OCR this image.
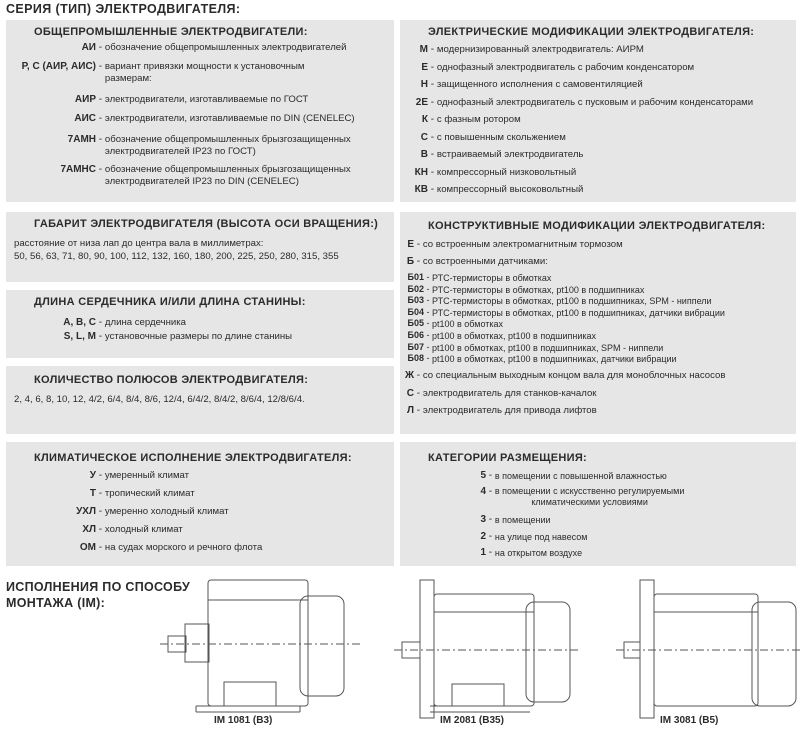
СЕРИЯ (ТИП) ЭЛЕКТРОДВИГАТЕЛЯ:
ОБЩЕПРОМЫШЛЕННЫЕ ЭЛЕКТРОДВИГАТЕЛИ:
АИ - обозначение общепромышленных электродвигателей
Р, С (АИР, АИС) - вариант привязки мощности к установочным
размерам:
АИР - электродвигатели, изготавливаемые по ГОСТ
АИС - электродвигатели, изготавливаемые по DIN (CENELEC)
7АМН - обозначение общепромышленных брызгозащищенных
электродвигателей IP23 по ГОСТ)
7АМНС - обозначение общепромышленных брызгозащищенных
электродвигателей IP23 по DIN (CENELEC)
ЭЛЕКТРИЧЕСКИЕ МОДИФИКАЦИИ ЭЛЕКТРОДВИГАТЕЛЯ:
М - модернизированный электродвигатель: АИРМ
Е - однофазный электродвигатель с рабочим конденсатором
Н - защищенного исполнения с самовентиляцией
2Е - однофазный электродвигатель с пусковым и рабочим конденсаторами
К - с фазным ротором
С - с повышенным скольжением
В - встраиваемый электродвигатель
КН - компрессорный низковольтный
КВ - компрессорный высоковольтный
ГАБАРИТ ЭЛЕКТРОДВИГАТЕЛЯ (ВЫСОТА ОСИ ВРАЩЕНИЯ:)
расстояние от низа лап до центра вала в миллиметрах:
50, 56, 63, 71, 80, 90, 100, 112, 132, 160, 180, 200, 225, 250, 280, 315, 355
ДЛИНА СЕРДЕЧНИКА И/ИЛИ ДЛИНА СТАНИНЫ:
А, В, С - длина сердечника
S, L, M - установочные размеры по длине станины
КОЛИЧЕСТВО ПОЛЮСОВ ЭЛЕКТРОДВИГАТЕЛЯ:
2, 4, 6, 8, 10, 12, 4/2, 6/4, 8/4, 8/6, 12/4, 6/4/2, 8/4/2, 8/6/4, 12/8/6/4.
КОНСТРУКТИВНЫЕ МОДИФИКАЦИИ ЭЛЕКТРОДВИГАТЕЛЯ:
Е - со встроенным электромагнитным тормозом
Б - со встроенными датчиками:
Б01 - РТС-термисторы в обмотках
Б02 - РТС-термисторы в обмотках, pt100 в подшипниках
Б03 - РТС-термисторы в обмотках, pt100 в подшипниках, SPM - ниппели
Б04 - РТС-термисторы в обмотках, pt100 в подшипниках, датчики вибрации
Б05 - pt100 в обмотках
Б06 - pt100 в обмотках, pt100 в подшипниках
Б07 - pt100 в обмотках, pt100 в подшипниках, SPM - ниппели
Б08 - pt100 в обмотках, pt100 в подшипниках, датчики вибрации
Ж - со специальным выходным концом вала для моноблочных насосов
С - электродвигатель для станков-качалок
Л - электродвигатель для привода лифтов
КЛИМАТИЧЕСКОЕ ИСПОЛНЕНИЕ ЭЛЕКТРОДВИГАТЕЛЯ:
У - умеренный климат
Т - тропический климат
УХЛ - умеренно холодный климат
ХЛ - холодный климат
ОМ - на судах морского и речного флота
КАТЕГОРИИ РАЗМЕЩЕНИЯ:
5 - в помещении с повышенной влажностью
4 - в помещении с искусственно регулируемыми
климатическими условиями
3 - в помещении
2 - на улице под навесом
1 - на открытом воздухе
ИСПОЛНЕНИЯ ПО СПОСОБУ
МОНТАЖА (IM):
IM 1081 (B3)	IM 2081 (B35)	IM 3081 (B5)
